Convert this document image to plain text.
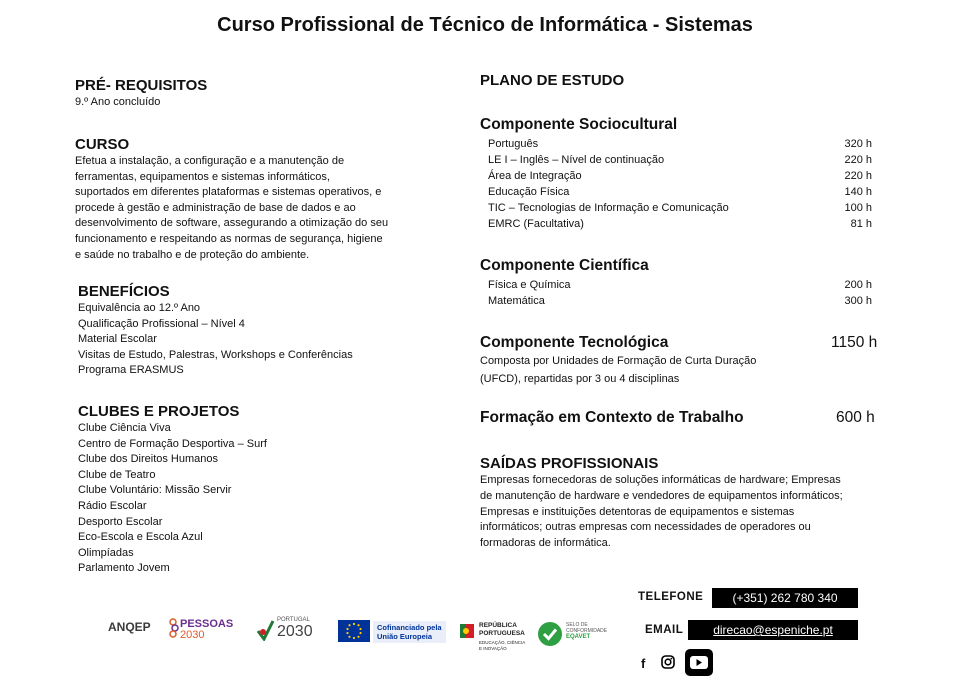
Curso Profissional de Técnico de Informática - Sistemas
PRÉ- REQUISITOS
9.º Ano concluído
CURSO
Efetua a instalação, a configuração e a manutenção de
ferramentas, equipamentos e sistemas informáticos,
suportados em diferentes plataformas e sistemas operativos, e
procede à gestão e administração de base de dados e ao
desenvolvimento de software, assegurando a otimização do seu
funcionamento e respeitando as normas de segurança, higiene
e saúde no trabalho e de proteção do ambiente.
BENEFÍCIOS
Equivalência ao 12.º Ano
Qualificação Profissional – Nível 4
Material Escolar
Visitas de Estudo, Palestras, Workshops e Conferências
Programa ERASMUS
CLUBES E PROJETOS
Clube Ciência Viva
Centro de Formação Desportiva – Surf
Clube dos Direitos Humanos
Clube de Teatro
Clube Voluntário: Missão Servir
Rádio Escolar
Desporto Escolar
Eco-Escola e Escola Azul
Olimpíadas
Parlamento Jovem
PLANO DE ESTUDO
Componente Sociocultural
Português	320 h
LE I – Inglês – Nível de continuação	220 h
Área de Integração	220 h
Educação Física	140 h
TIC – Tecnologias de Informação e Comunicação	100 h
EMRC (Facultativa)	81 h
Componente Científica
Física e Química	200 h
Matemática	300 h
Componente Tecnológica	1150 h
Composta por Unidades de Formação de Curta Duração
(UFCD), repartidas por 3 ou 4 disciplinas
Formação em Contexto de Trabalho	600 h
SAÍDAS PROFISSIONAIS
Empresas fornecedoras de soluções informáticas de hardware; Empresas
de manutenção de hardware e vendedores de equipamentos informáticos;
Empresas e instituições detentoras de equipamentos e sistemas
informáticos; outras empresas com necessidades de operadores ou
formadoras de informática.
TELEFONE	(+351) 262 780 340
EMAIL	direcao@espeniche.pt
f
ANQEP	PESSOAS
2030
PORTUGAL
2030	Cofinanciado pela
União Europeia
REPÚBLICA
PORTUGUESA
EDUCAÇÃO, CIÊNCIA
E INOVAÇÃO
SELO DE
CONFORMIDADE
EQAVET
